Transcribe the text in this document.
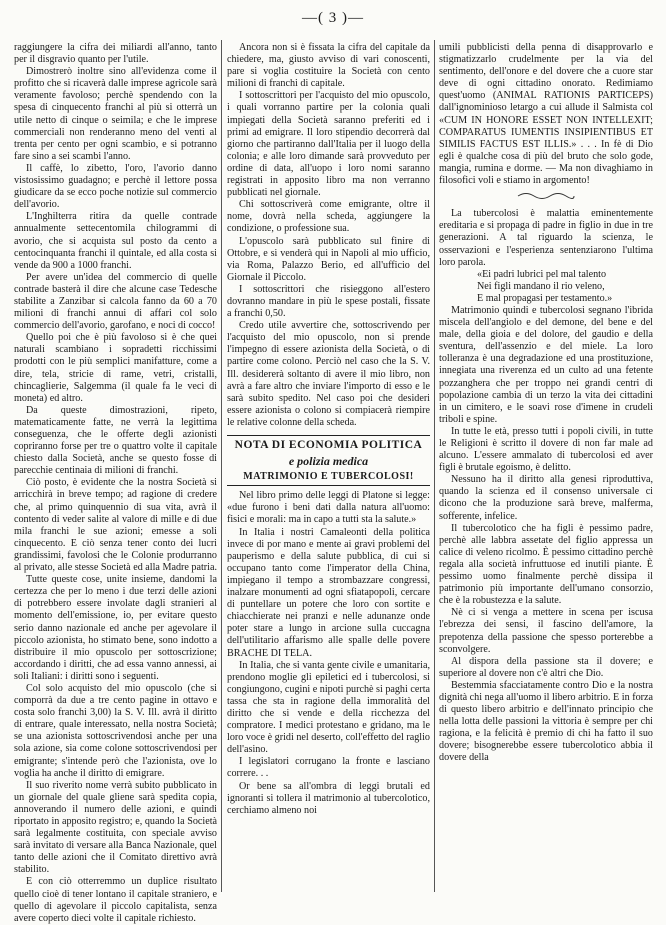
—( 3 )—

raggiungere la cifra dei miliardi all'anno, tanto per il disgravio quanto per l'utile.

Dimostrerò inoltre sino all'evidenza come il profitto che si ricaverà dalle imprese agricole sarà veramente favoloso; perchè spendendo con la spesa di cinquecento franchi al più si otterrà un utile netto di cinque o seimila; e che le imprese commerciali non renderanno meno del venti al trenta per cento per ogni scambio, e si potranno fare sino a sei scambi l'anno.

Il caffè, lo zibetto, l'oro, l'avorio danno vistosissimo guadagno; e perchè il lettore possa giudicare da se ecco poche notizie sul commercio dell'avorio.

L'Inghilterra ritira da quelle contrade annualmente settecentomila chilogrammi di avorio, che si acquista sul posto da cento a centocinquanta franchi il quintale, ed alla costa si vende da 900 a 1000 franchi.

Per avere un'idea del commercio di quelle contrade basterà il dire che alcune case Tedesche stabilite a Zanzibar si calcola fanno da 60 a 70 milioni di franchi annui di affari col solo commercio dell'avorio, garofano, e noci di cocco!

Quello poi che è più favoloso si è che quei naturali scambiano i sopradetti ricchissimi prodotti con le più semplici manifatture, come a dire, tela, stricie di rame, vetri, cristalli, chincaglierie, Salgemma (il quale fa le veci di moneta) ed altro.

Da queste dimostrazioni, ripeto, matematicamente fatte, ne verrà la legittima conseguenza, che le offerte degli azionisti copriranno forse per tre o quattro volte il capitale chiesto dalla Società, anche se questo fosse di parecchie centinaia di milioni di franchi.

Ciò posto, è evidente che la nostra Società si arricchirà in breve tempo; ad ragione di credere che, al primo quinquennio di sua vita, avrà il contento di veder salite al valore di mille e di due mila franchi le sue azioni; emesse a soli cinquecento. E ciò senza tener conto dei lucri grandissimi, favolosi che le Colonie produrranno al privato, alle stesse Società ed alla Madre patria.

Tutte queste cose, unite insieme, dandomi la certezza che per lo meno i due terzi delle azioni di potrebbero essere involate dagli stranieri al momento dell'emissione, io, per evitare questo serio danno nazionale ed anche per agevolare il piccolo azionista, ho stimato bene, sono indotto a distribuire il mio opuscolo per sottoscrizione; accordando i diritti, che ad essa vanno annessi, ai soli Italiani: i diritti sono i seguenti.

Col solo acquisto del mio opuscolo (che si comporrà da due a tre cento pagine in ottavo e costa solo franchi 3,00) la S. V. Ill. avrà il diritto di entrare, quale interessato, nella nostra Società; se una azionista sottoscrivendosi anche per una sola azione, sia come colone sottoscrivendosi per emigrante; s'intende però che l'azionista, ove lo voglia ha anche il diritto di emigrare.

Il suo riverito nome verrà subito pubblicato in un giornale del quale gliene sarà spedita copia, annoverando il numero delle azioni, e quindi riportato in apposito registro; e, quando la Società sarà legalmente costituita, con speciale avviso sarà invitato di versare alla Banca Nazionale, quel tanto delle azioni che il Comitato direttivo avrà stabilito.

E con ciò otterremmo un duplice risultato quello cioè di tener lontano il capitale straniero, e quello di agevolare il piccolo capitalista, senza avere coperto dieci volte il capitale richiesto.

Ancora non si è fissata la cifra del capitale da chiedere, ma, giusto avviso di vari conoscenti, pare si voglia costituire la Società con cento milioni di franchi di capitale.

I sottoscrittori per l'acquisto del mio opuscolo, i quali vorranno partire per la colonia quali impiegati della Società saranno preferiti ed i primi ad emigrare. Il loro stipendio decorrerà dal giorno che partiranno dall'Italia per il luogo della colonia; e alle loro dimande sarà provveduto per ordine di data, all'uopo i loro nomi saranno registrati in apposito libro ma non verranno pubblicati nel giornale.

Chi sottoscriverà come emigrante, oltre il nome, dovrà nella scheda, aggiungere la condizione, o professione sua.

L'opuscolo sarà pubblicato sul finire di Ottobre, e si venderà qui in Napoli al mio ufficio, via Roma, Palazzo Berio, ed all'ufficio del Giornale il Piccolo.

I sottoscrittori che risieggono all'estero dovranno mandare in più le spese postali, fissate a franchi 0,50.

Credo utile avvertire che, sottoscrivendo per l'acquisto del mio opuscolo, non si prende l'impegno di essere azionista della Società, o di partire come colono. Perciò nel caso che la S. V. Ill. desidererà soltanto di avere il mio libro, non avrà a fare altro che inviare l'importo di esso e le sarà subito spedito. Nel caso poi che desideri essere azionista o colono si compiacerà riempire le relative colonne della scheda.

NOTA DI ECONOMIA POLITICA
e polizia medica
MATRIMONIO E TUBERCOLOSI!

Nel libro primo delle leggi di Platone si legge: «due furono i beni dati dalla natura all'uomo: fisici e morali: ma in capo a tutti sta la salute.»

In Italia i nostri Camaleonti della politica invece di por mano e mente ai gravi problemi del pauperismo e della salute pubblica, di cui si occupano tanto come l'imperator della China, impiegano il tempo a strombazzare congressi, inalzare monumenti ad ogni sfiatapopoli, cercare di puntellare un potere che loro con sortite e chiacchierate nei pranzi e nelle adunanze onde poter stare a lungo in arcione sulla cuccagna dell'utilitario affarismo alle spalle delle povere BRACHE DI TELA.

In Italia, che si vanta gente civile e umanitaria, prendono moglie gli epiletici ed i tubercolosi, si congiungono, cugini e nipoti purchè si paghi certa tassa che sta in ragione della immoralità del diritto che si vende e della ricchezza del compratore. I medici protestano e gridano, ma le loro voce è gridi nel deserto, coll'effetto del raglio dell'asino.

I legislatori corrugano la fronte e lasciano correre. . .

Or bene sa all'ombra di leggi brutali ed ignoranti si tollera il matrimonio al tubercolotico, cerchiamo almeno noi

umili pubblicisti della penna di disapprovarlo e stigmatizzarlo crudelmente per la via del sentimento, dell'onore e del dovere che a cuore star deve di ogni cittadino onorato. Redimiamo quest'uomo (ANIMAL RATIONIS PARTICEPS) dall'ignominioso letargo a cui allude il Salmista col «CUM IN HONORE ESSET NON INTELLEXIT; COMPARATUS IUMENTIS INSIPIENTIBUS ET SIMILIS FACTUS EST ILLIS.» . . . In fè di Dio egli è qualche cosa di più del bruto che solo gode, mangia, rumina e dorme. — Ma non divaghiamo in filosofici voli e stiamo in argomento!

La tubercolosi è malattia eminentemente ereditaria e si propaga di padre in figlio in due in tre generazioni. A tal riguardo la scienza, le osservazioni e l'esperienza sentenziarono l'ultima loro parola.

«Ei padri lubrici pel mal talento

Nei figli mandano il rio veleno,

E mal propagasi per testamento.»

Matrimonio quindi e tubercolosi segnano l'ibrida miscela dell'angiolo e del demone, del bene e del male, della gioia e del dolore, del gaudio e della sventura, dell'assenzio e del miele. La loro tolleranza è una degradazione ed una prostituzione, innegiata una riverenza ed un culto ad una fetente pozzanghera che per troppo nei grandi centri di popolazione cambia di un terzo la vita dei cittadini in un cimitero, e le soavi rose d'imene in crudeli triboli e spine.

In tutte le età, presso tutti i popoli civili, in tutte le Religioni è scritto il dovere di non far male ad alcuno. L'essere ammalato di tubercolosi ed aver figli è brutale egoismo, è delitto.

Nessuno ha il diritto alla genesi riproduttiva, quando la scienza ed il consenso universale ci dicono che la produzione sarà breve, malferma, sofferente, infelice.

Il tubercolotico che ha figli è pessimo padre, perchè alle labbra assetate del figlio appressa un calice di veleno ricolmo. È pessimo cittadino perchè regala alla società infruttuose ed inutili piante. È pessimo uomo finalmente perchè dissipa il patrimonio più importante dell'umano consorzio, che è la robustezza e la salute.

Nè ci si venga a mettere in scena per iscusa l'ebrezza dei sensi, il fascino dell'amore, la prepotenza della passione che spesso porterebbe a sconvolgere.

Al dispora della passione sta il dovere; e superiore al dovere non c'è altri che Dio.

Bestemmia sfacciatamente contro Dio e la nostra dignità chi nega all'uomo il libero arbitrio. E in forza di questo libero arbitrio e dell'innato principio che nella lotta delle passioni la vittoria è sempre per chi ragiona, e la felicità è premio di chi ha fatto il suo dovere; bisognerebbe essere tubercolotico abbia il dovere della
